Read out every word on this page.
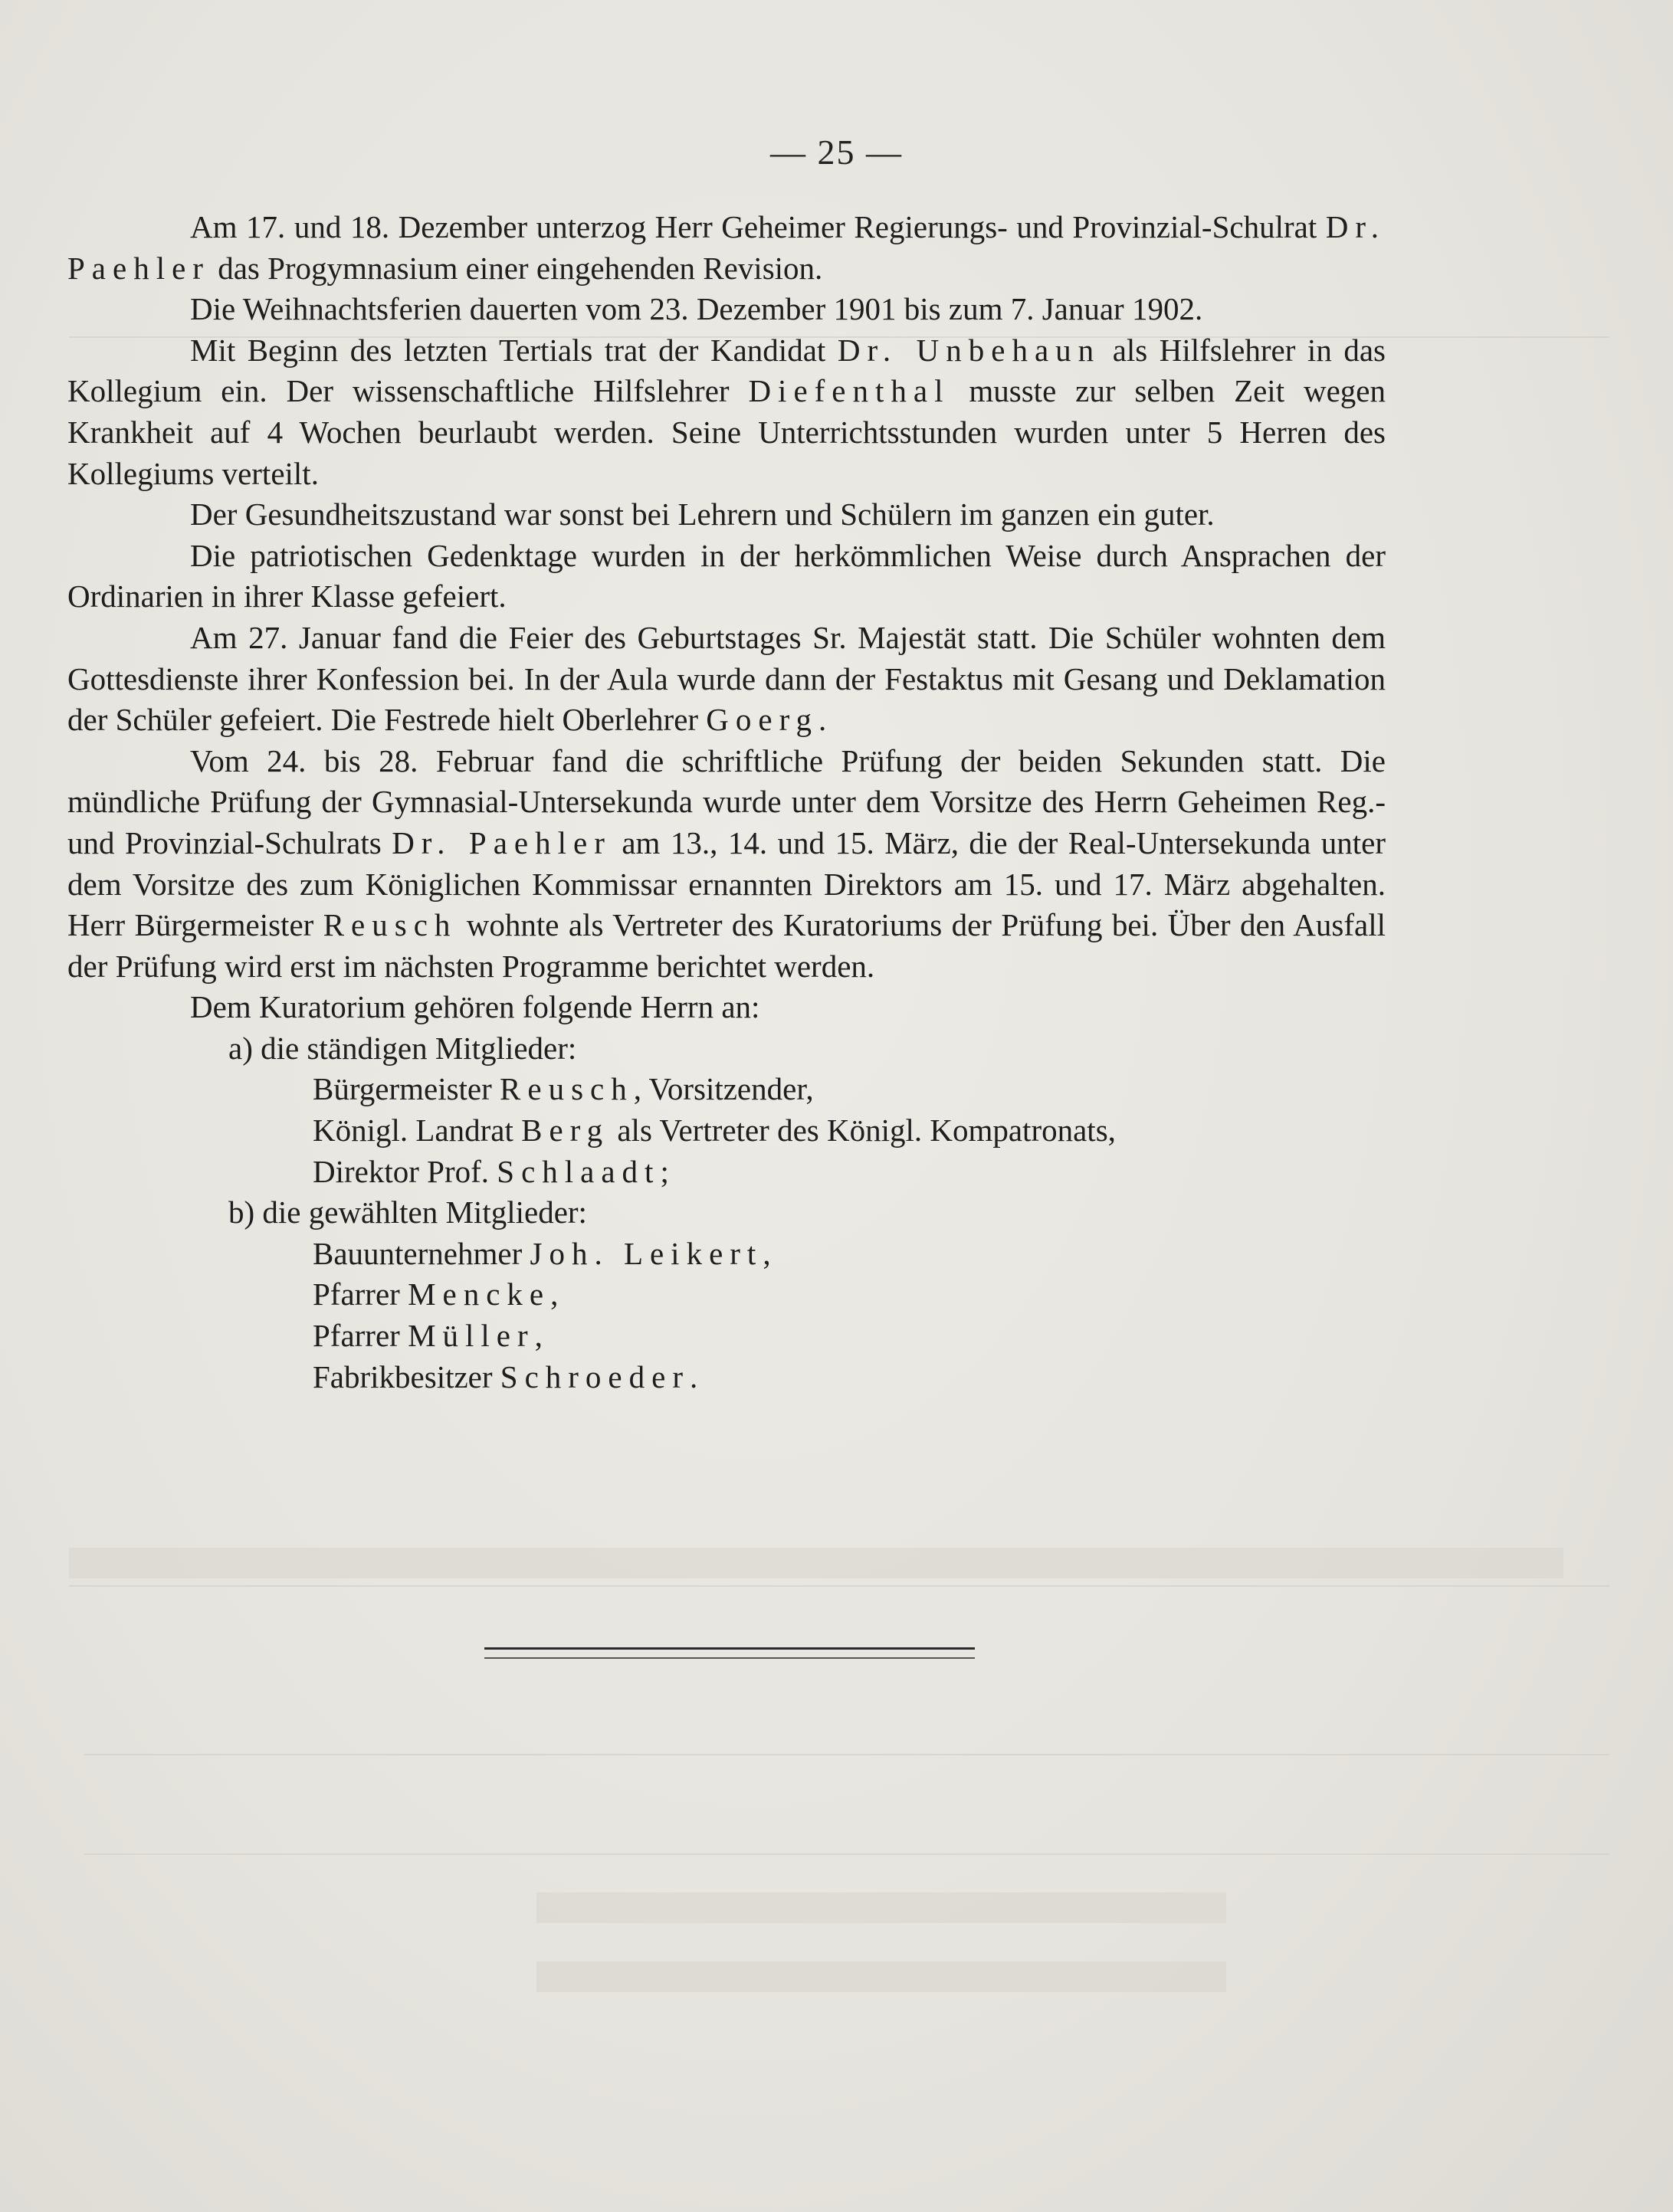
— 25 —

Am 17. und 18. Dezember unterzog Herr Geheimer Regierungs- und Provinzial-Schulrat Dr. Paehler das Progymnasium einer eingehenden Revision.

Die Weihnachtsferien dauerten vom 23. Dezember 1901 bis zum 7. Januar 1902.

Mit Beginn des letzten Tertials trat der Kandidat Dr. Unbehaun als Hilfslehrer in das Kollegium ein. Der wissenschaftliche Hilfslehrer Diefenthal musste zur selben Zeit wegen Krankheit auf 4 Wochen beurlaubt werden. Seine Unterrichtsstunden wurden unter 5 Herren des Kollegiums verteilt.

Der Gesundheitszustand war sonst bei Lehrern und Schülern im ganzen ein guter.

Die patriotischen Gedenktage wurden in der herkömmlichen Weise durch Ansprachen der Ordinarien in ihrer Klasse gefeiert.

Am 27. Januar fand die Feier des Geburtstages Sr. Majestät statt. Die Schüler wohnten dem Gottesdienste ihrer Konfession bei. In der Aula wurde dann der Festaktus mit Gesang und Deklamation der Schüler gefeiert. Die Festrede hielt Oberlehrer Goerg.

Vom 24. bis 28. Februar fand die schriftliche Prüfung der beiden Sekunden statt. Die mündliche Prüfung der Gymnasial-Untersekunda wurde unter dem Vorsitze des Herrn Geheimen Reg.- und Provinzial-Schulrats Dr. Paehler am 13., 14. und 15. März, die der Real-Untersekunda unter dem Vorsitze des zum Königlichen Kommissar ernannten Direktors am 15. und 17. März abgehalten. Herr Bürgermeister Reusch wohnte als Vertreter des Kuratoriums der Prüfung bei. Über den Ausfall der Prüfung wird erst im nächsten Programme berichtet werden.

Dem Kuratorium gehören folgende Herrn an:

a) die ständigen Mitglieder:

Bürgermeister Reusch, Vorsitzender,

Königl. Landrat Berg als Vertreter des Königl. Kompatronats,

Direktor Prof. Schlaadt;

b) die gewählten Mitglieder:

Bauunternehmer Joh. Leikert,

Pfarrer Mencke,

Pfarrer Müller,

Fabrikbesitzer Schroeder.
